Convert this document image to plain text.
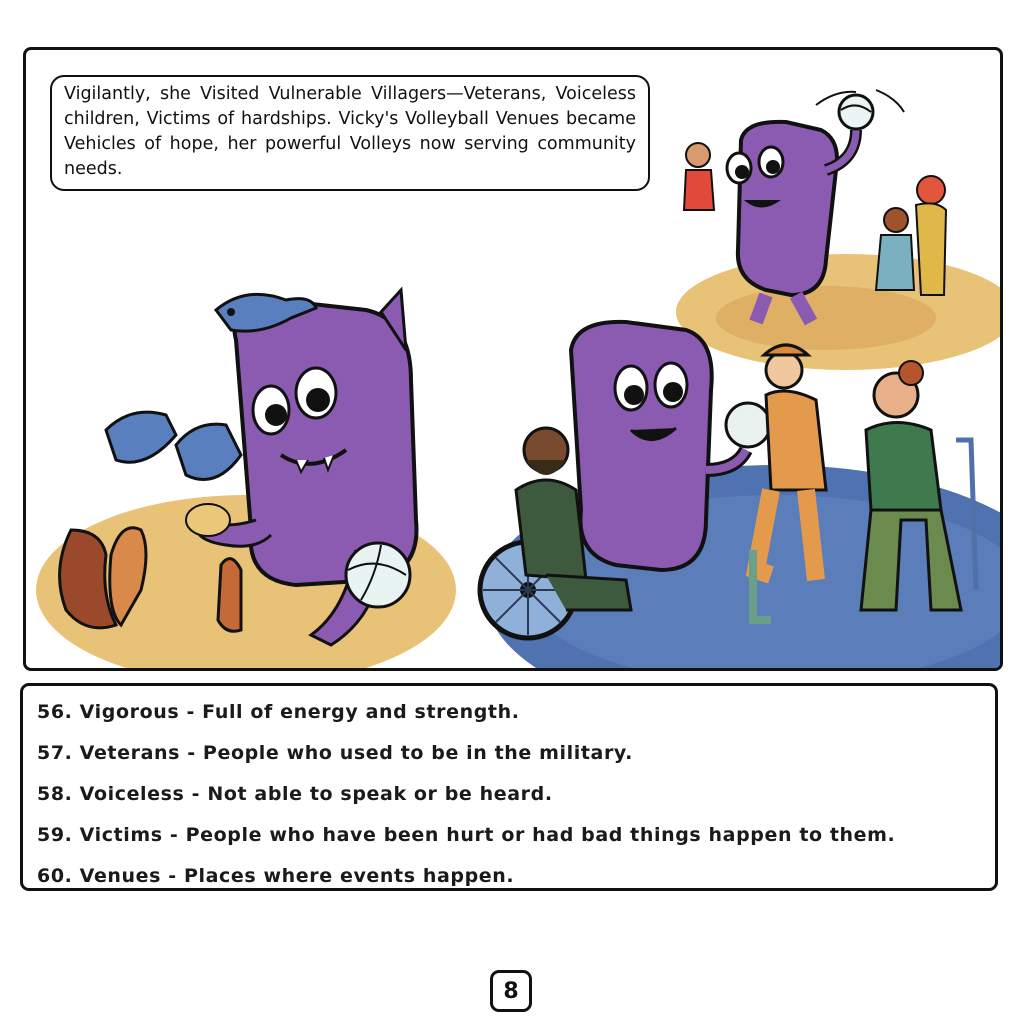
Vigilantly, she Visited Vulnerable Villagers—Veterans, Voiceless children, Victims of hardships. Vicky's Volleyball Venues became Vehicles of hope, her powerful Volleys now serving community needs.
56. Vigorous - Full of energy and strength.
57. Veterans - People who used to be in the military.
58. Voiceless - Not able to speak or be heard.
59. Victims - People who have been hurt or had bad things happen to them.
60. Venues - Places where events happen.
8
